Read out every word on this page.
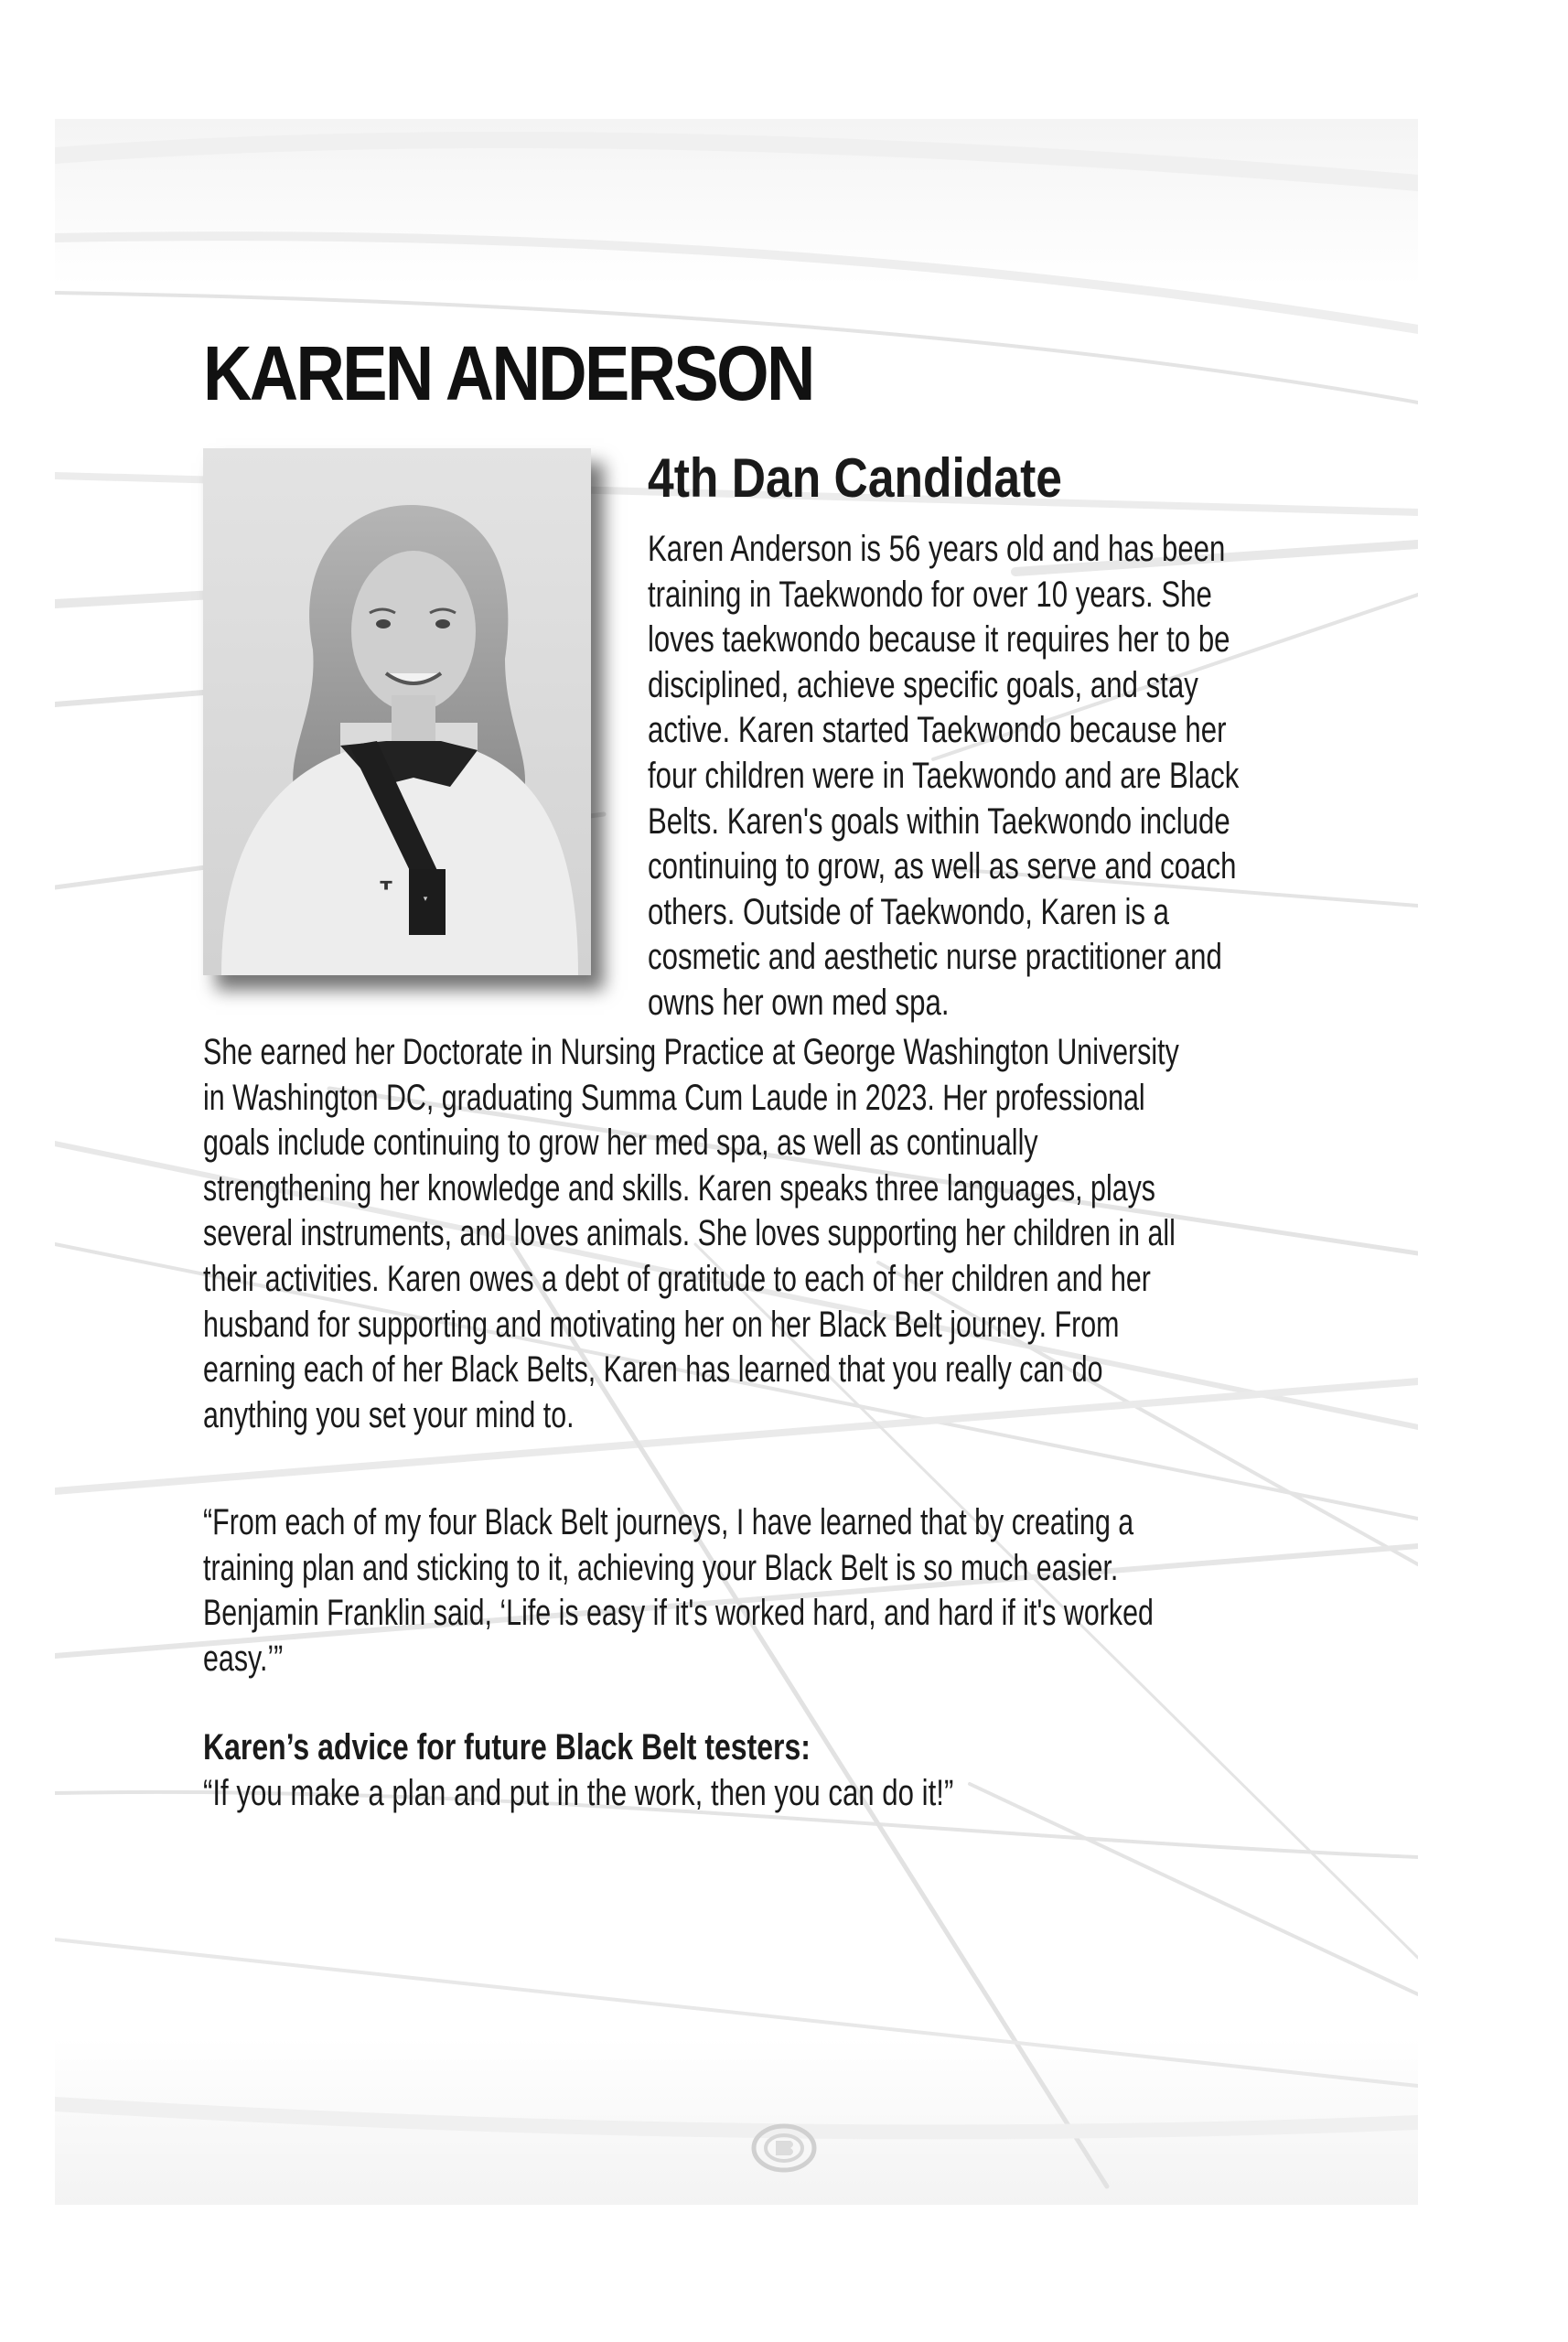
KAREN ANDERSON
▾
ᚁ
4th Dan Candidate
Karen Anderson is 56 years old and has been
training in Taekwondo for over 10 years. She
loves taekwondo because it requires her to be
disciplined, achieve specific goals, and stay
active. Karen started Taekwondo because her
four children were in Taekwondo and are Black
Belts. Karen's goals within Taekwondo include
continuing to grow, as well as serve and coach
others. Outside of Taekwondo, Karen is a
cosmetic and aesthetic nurse practitioner and
owns her own med spa.
She earned her Doctorate in Nursing Practice at George Washington University
in Washington DC, graduating Summa Cum Laude in 2023. Her professional
goals include continuing to grow her med spa, as well as continually
strengthening her knowledge and skills. Karen speaks three languages, plays
several instruments, and loves animals. She loves supporting her children in all
their activities. Karen owes a debt of gratitude to each of her children and her
husband for supporting and motivating her on her Black Belt journey. From
earning each of her Black Belts, Karen has learned that you really can do
anything you set your mind to.
“From each of my four Black Belt journeys, I have learned that by creating a
training plan and sticking to it, achieving your Black Belt is so much easier.
Benjamin Franklin said, ‘Life is easy if it's worked hard, and hard if it's worked
easy.’”
Karen’s advice for future Black Belt testers:
“If you make a plan and put in the work, then you can do it!”
